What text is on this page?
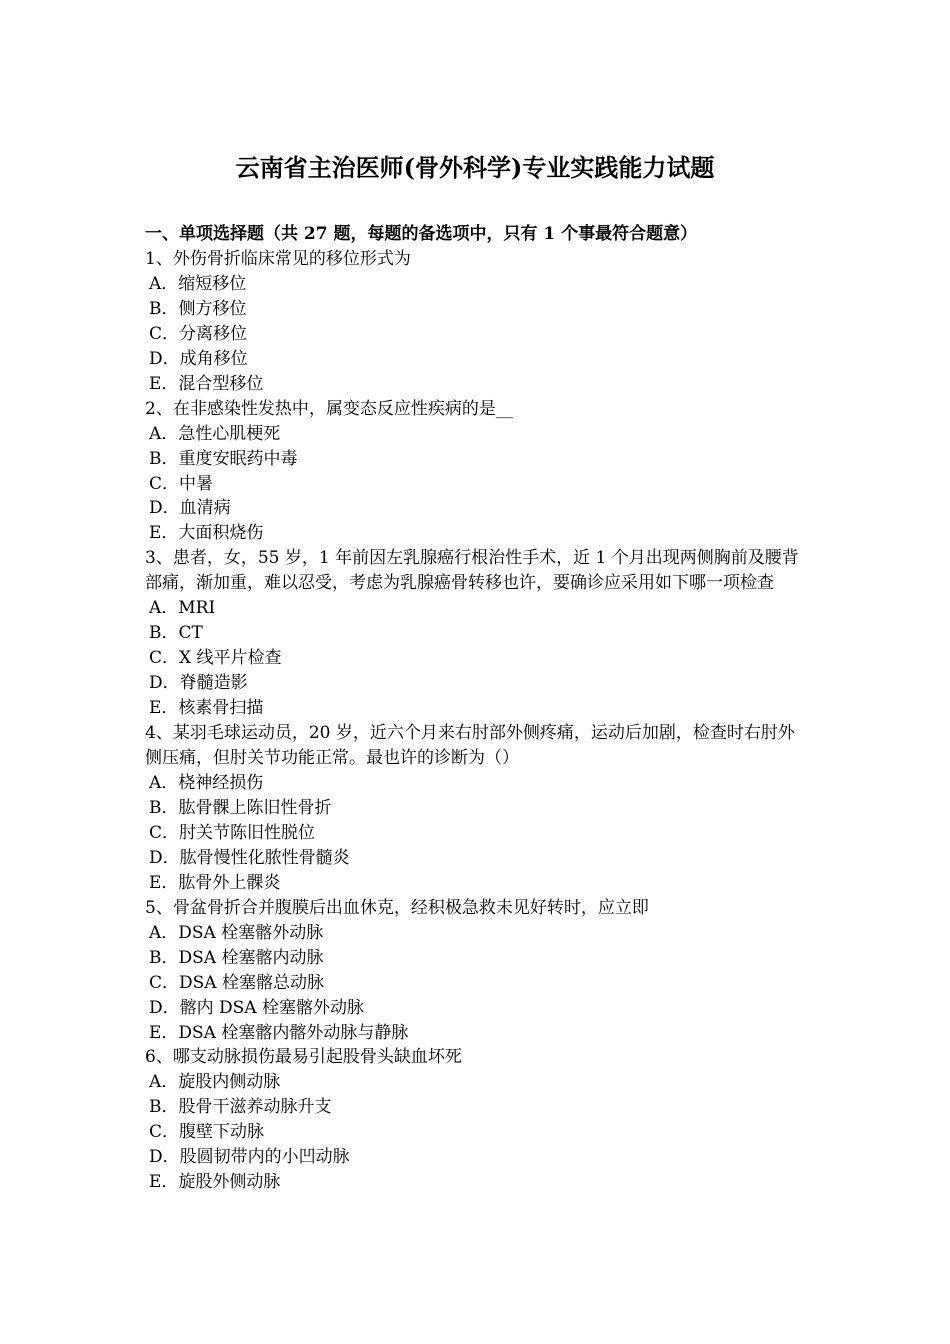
云南省主治医师(骨外科学)专业实践能力试题

一、单项选择题（共 27 题，每题的备选项中，只有 1 个事最符合题意）

1、外伤骨折临床常见的移位形式为

A．缩短移位

B．侧方移位

C．分离移位

D．成角移位

E．混合型移位

2、在非感染性发热中，属变态反应性疾病的是__

A．急性心肌梗死

B．重度安眠药中毒

C．中暑

D．血清病

E．大面积烧伤

3、患者，女，55 岁，1 年前因左乳腺癌行根治性手术，近 1 个月出现两侧胸前及腰背部痛，渐加重，难以忍受，考虑为乳腺癌骨转移也许，要确诊应采用如下哪一项检查

A．MRI

B．CT

C．X 线平片检查

D．脊髓造影

E．核素骨扫描

4、某羽毛球运动员，20 岁，近六个月来右肘部外侧疼痛，运动后加剧，检查时右肘外侧压痛，但肘关节功能正常。最也许的诊断为（）

A．桡神经损伤

B．肱骨髁上陈旧性骨折

C．肘关节陈旧性脱位

D．肱骨慢性化脓性骨髓炎

E．肱骨外上髁炎

5、骨盆骨折合并腹膜后出血休克，经积极急救未见好转时，应立即

A．DSA 栓塞髂外动脉

B．DSA 栓塞髂内动脉

C．DSA 栓塞髂总动脉

D．髂内 DSA 栓塞髂外动脉

E．DSA 栓塞髂内髂外动脉与静脉

6、哪支动脉损伤最易引起股骨头缺血坏死

A．旋股内侧动脉

B．股骨干滋养动脉升支

C．腹壁下动脉

D．股圆韧带内的小凹动脉

E．旋股外侧动脉
